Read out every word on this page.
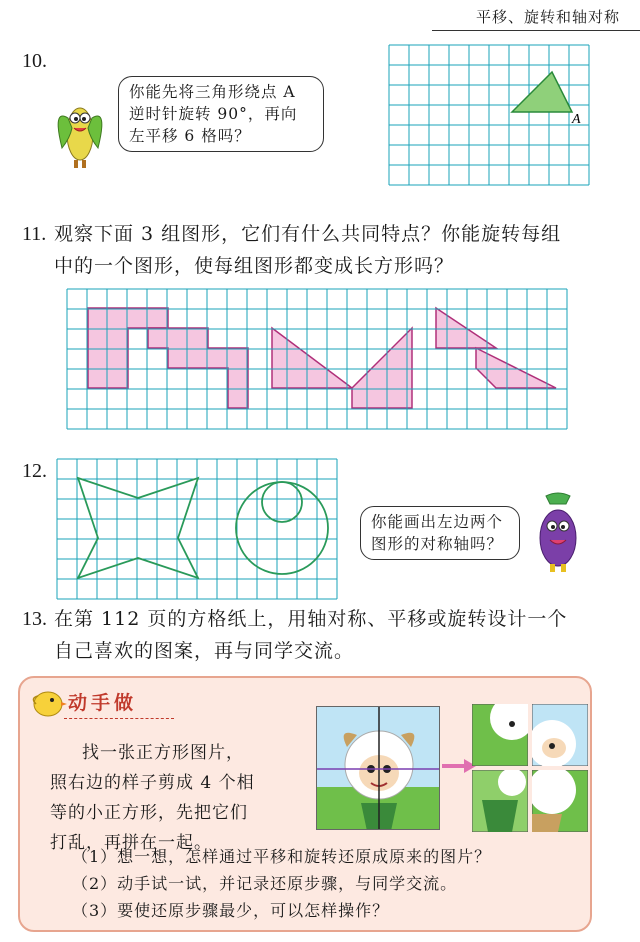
平移、旋转和轴对称
10.
你能先将三角形绕点 A
逆时针旋转 90°，再向
左平移 6 格吗？
A
11. 观察下面 3 组图形，它们有什么共同特点？你能旋转每组
中的一个图形，使每组图形都变成长方形吗？
12.
你能画出左边两个
图形的对称轴吗？
13. 在第 112 页的方格纸上，用轴对称、平移或旋转设计一个
自己喜欢的图案，再与同学交流。
动手做
找一张正方形图片，
照右边的样子剪成 4 个相
等的小正方形，先把它们
打乱，再拼在一起。
（1）想一想，怎样通过平移和旋转还原成原来的图片？
（2）动手试一试，并记录还原步骤，与同学交流。
（3）要使还原步骤最少，可以怎样操作？
